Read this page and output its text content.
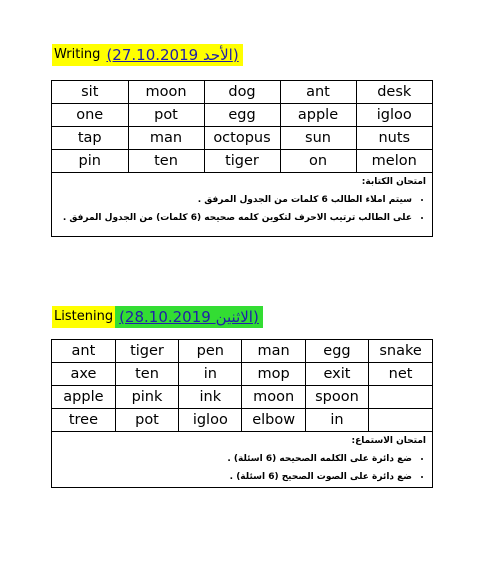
Writing (27.10.2019 الأحد)
sit	moon	dog	ant	desk
one	pot	egg	apple	igloo
tap	man	octopus	sun	nuts
pin	ten	tiger	on	melon
امتحان الكتابة:
• سيتم املاء الطالب 6 كلمات من الجدول المرفق .
• على الطالب ترتيب الاحرف لتكوين كلمه صحيحه (6 كلمات) من الجدول المرفق .
Listening (28.10.2019 الاثنين)
ant	tiger	pen	man	egg	snake
axe	ten	in	mop	exit	net
apple	pink	ink	moon	spoon	
tree	pot	igloo	elbow	in	
امتحان الاستماع:
• ضع دائرة على الكلمه الصحيحه (6 اسئلة) .
• ضع دائرة على الصوت الصحيح (6 اسئلة) .
